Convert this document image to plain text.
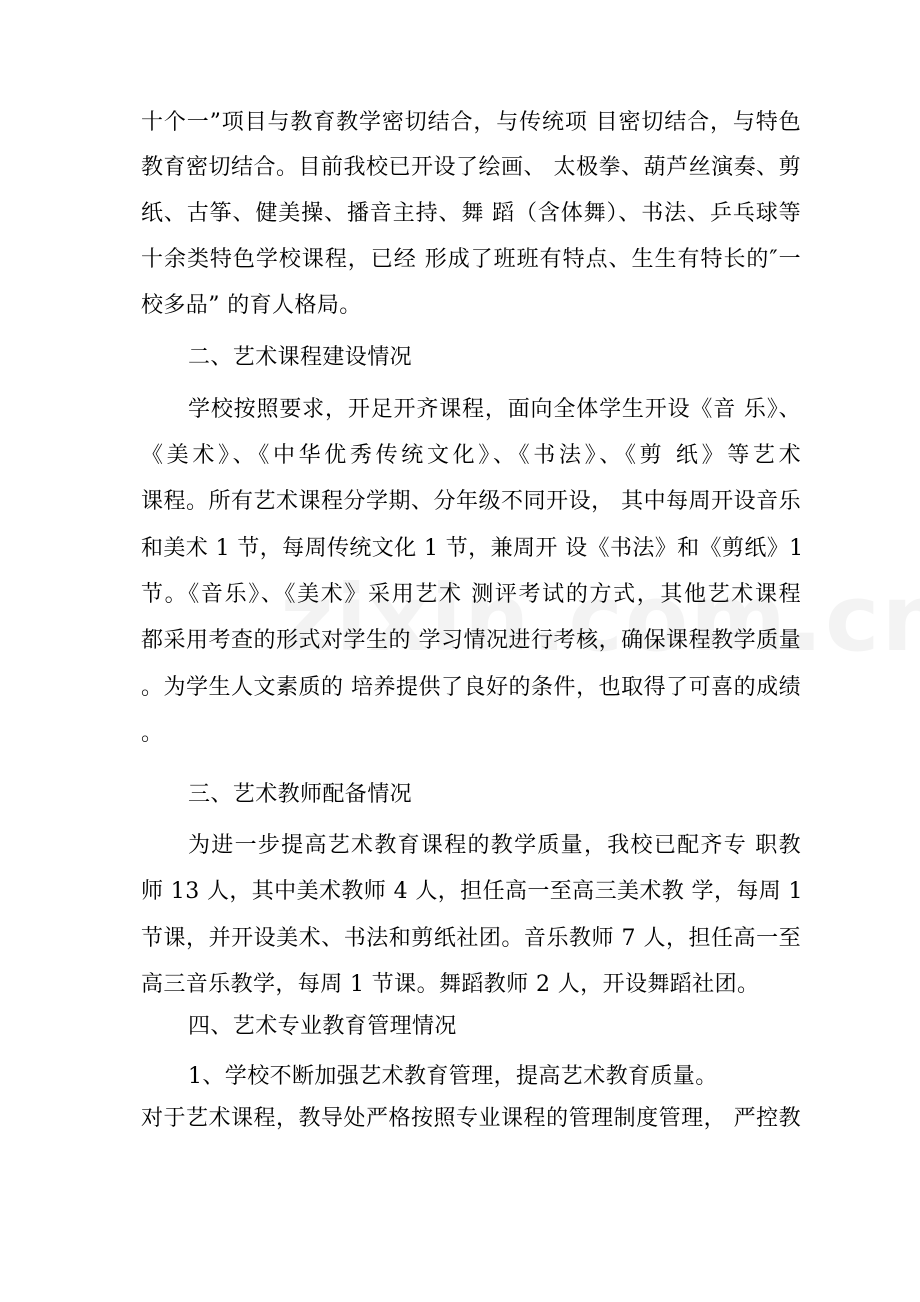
十个一”项目与教育教学密切结合，与传统项 目密切结合，与特色
教育密切结合。目前我校已开设了绘画、 太极拳、葫芦丝演奏、剪
纸、古筝、健美操、播音主持、舞 蹈（含体舞）、书法、乒乓球等
十余类特色学校课程，已经 形成了班班有特点、生生有特长的″一
校多品” 的育人格局。
二、艺术课程建设情况
学校按照要求，开足开齐课程，面向全体学生开设《音 乐》、
《美术》、《中华优秀传统文化》、《书法》、《剪 纸》等艺术
课程。所有艺术课程分学期、分年级不同开设， 其中每周开设音乐
和美术 1 节，每周传统文化 1 节，兼周开 设《书法》和《剪纸》1
节。《音乐》、《美术》采用艺术 测评考试的方式，其他艺术课程
都采用考查的形式对学生的 学习情况进行考核，确保课程教学质量
。为学生人文素质的 培养提供了良好的条件，也取得了可喜的成绩
。
三、艺术教师配备情况
为进一步提高艺术教育课程的教学质量，我校已配齐专 职教
师 13 人，其中美术教师 4 人，担任高一至高三美术教 学，每周 1
节课，并开设美术、书法和剪纸社团。音乐教师 7 人，担任高一至
高三音乐教学，每周 1 节课。舞蹈教师 2 人，开设舞蹈社团。
四、艺术专业教育管理情况
1、学校不断加强艺术教育管理，提高艺术教育质量。
对于艺术课程，教导处严格按照专业课程的管理制度管理， 严控教
